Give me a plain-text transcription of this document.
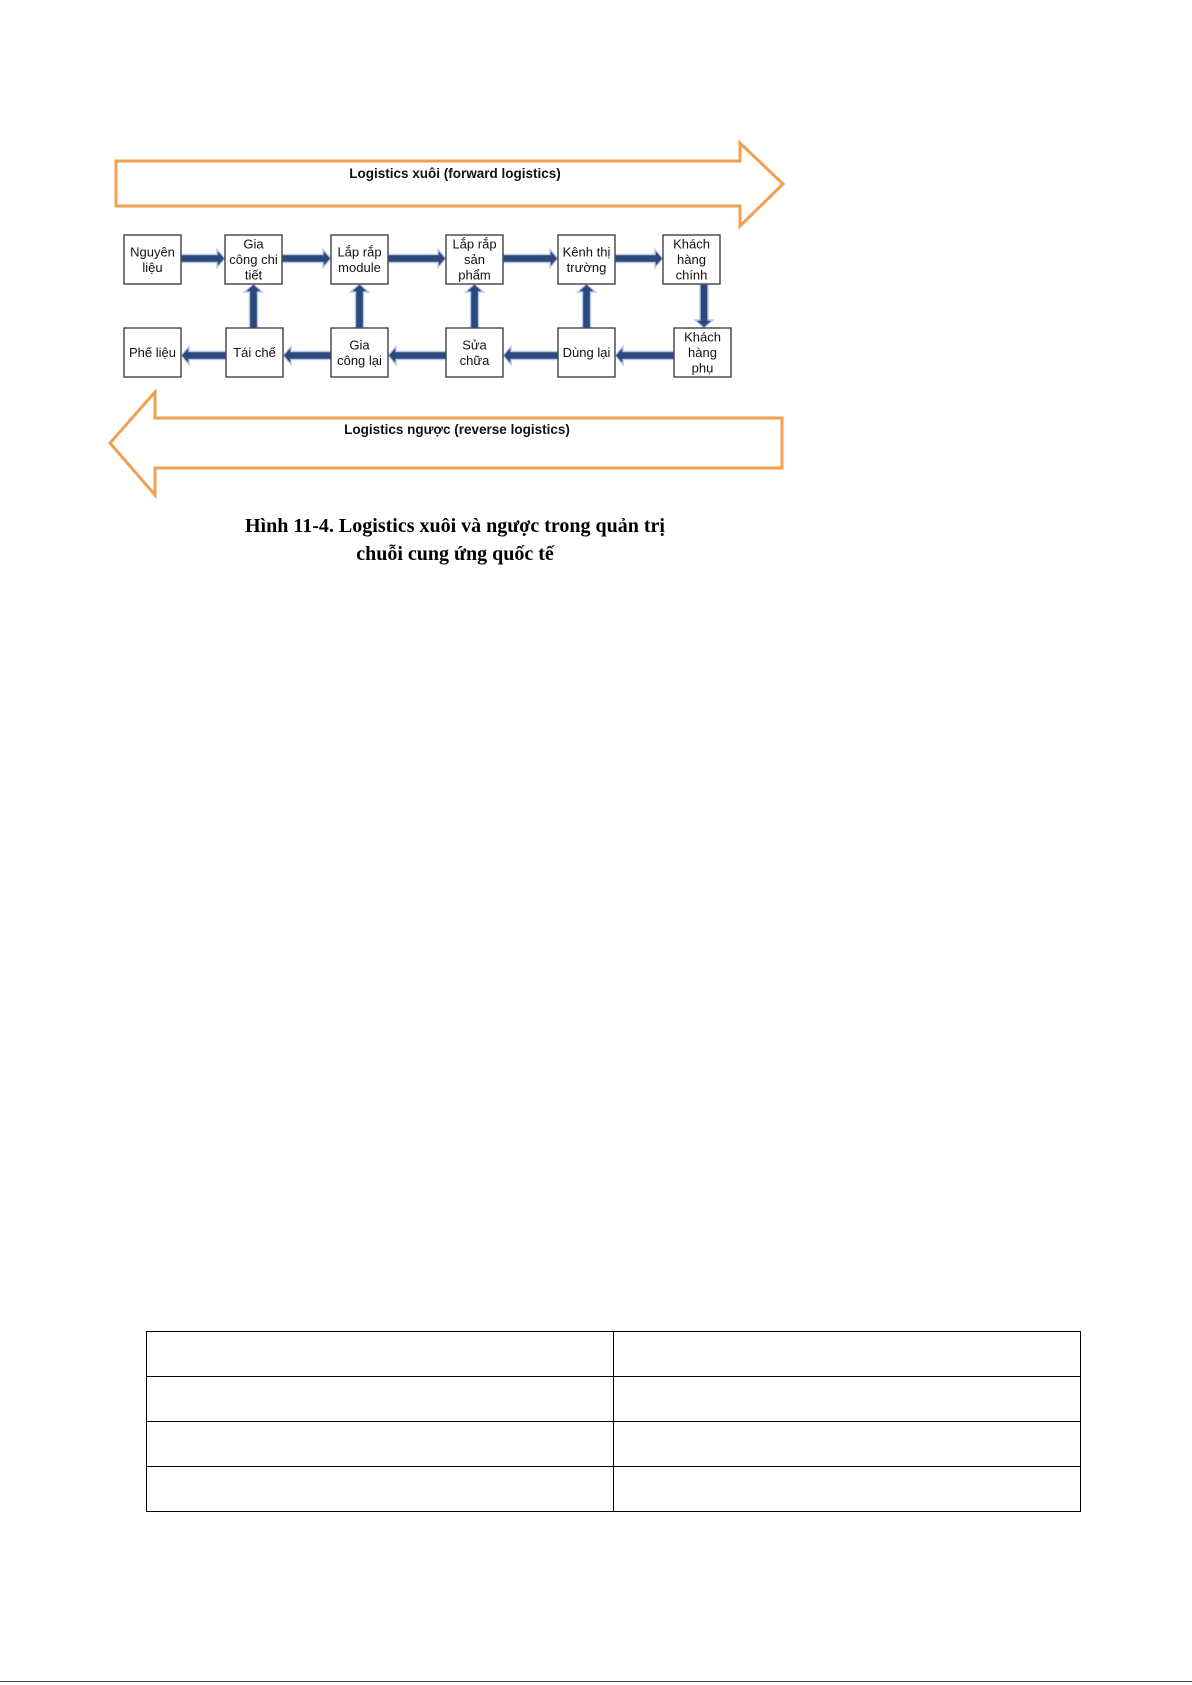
Logistics xuôi (forward logistics)
Logistics ngược (reverse logistics)
Nguyên
liệu
Gia
công chi
tiết
Lắp rắp
module
Lắp rắp
sản
phẩm
Kênh thị
trường
Khách
hàng
chính
Phế liệu	Tái chế
Gia
công lại
Sửa
chữa
Dùng lại
Khách
hàng
phụ
Hình 11-4. Logistics xuôi và ngược trong quản trị
chuỗi cung ứng quốc tế
